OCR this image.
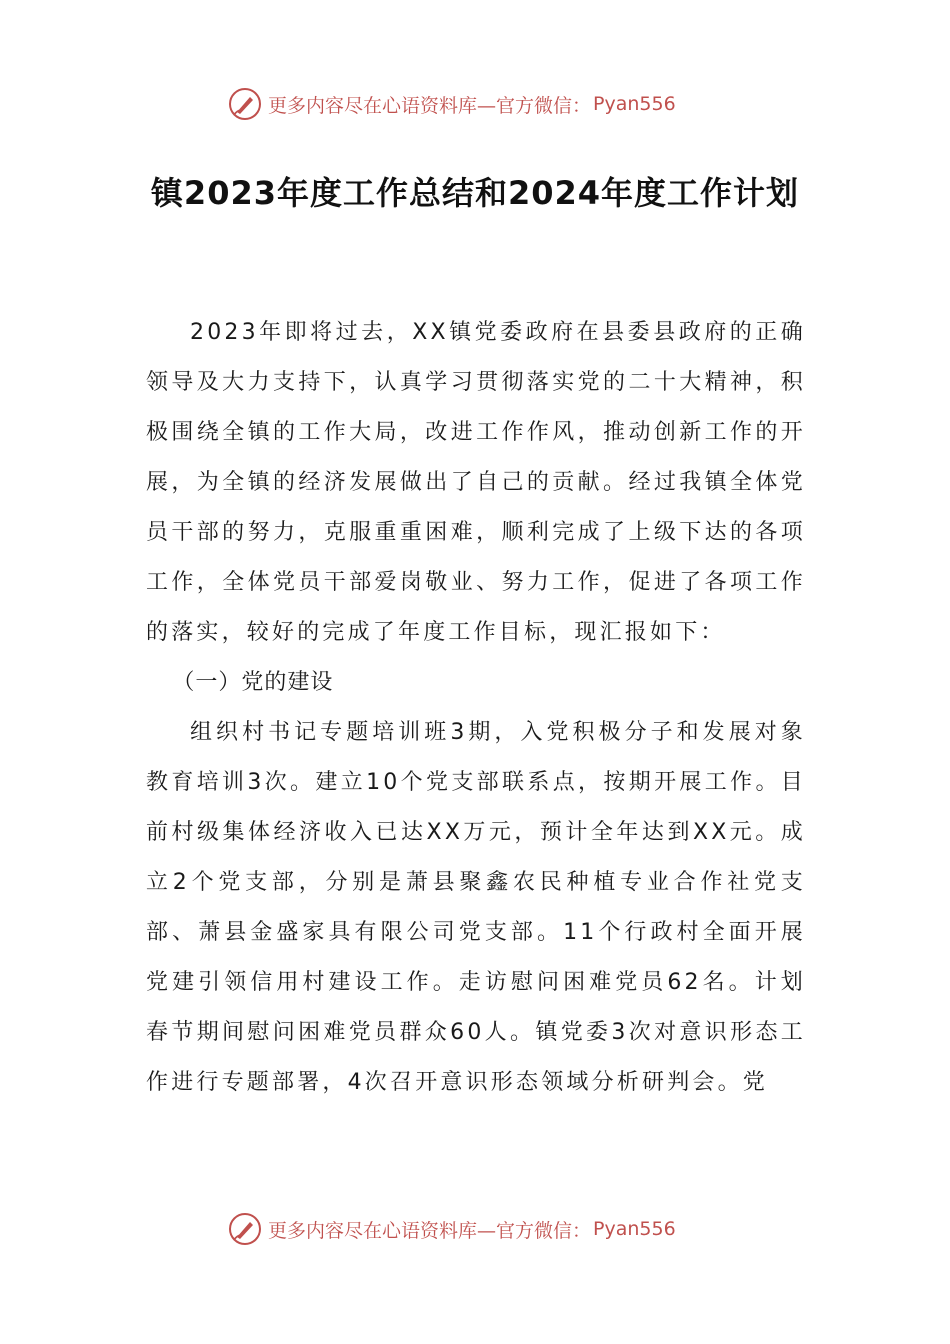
更多内容尽在心语资料库—官方微信： Pyan556
镇2023年度工作总结和2024年度工作计划

2023年即将过去，XX镇党委政府在县委县政府的正确领导及大力支持下，认真学习贯彻落实党的二十大精神，积极围绕全镇的工作大局，改进工作作风，推动创新工作的开展，为全镇的经济发展做出了自己的贡献。经过我镇全体党员干部的努力，克服重重困难，顺利完成了上级下达的各项工作，全体党员干部爱岗敬业、努力工作，促进了各项工作的落实，较好的完成了年度工作目标，现汇报如下：

（一）党的建设

组织村书记专题培训班3期，入党积极分子和发展对象教育培训3次。建立10个党支部联系点，按期开展工作。目前村级集体经济收入已达XX万元，预计全年达到XX元。成立2个党支部，分别是萧县聚鑫农民种植专业合作社党支部、萧县金盛家具有限公司党支部。11个行政村全面开展党建引领信用村建设工作。走访慰问困难党员62名。计划春节期间慰问困难党员群众60人。镇党委3次对意识形态工作进行专题部署，4次召开意识形态领域分析研判会。党

更多内容尽在心语资料库—官方微信： Pyan556
